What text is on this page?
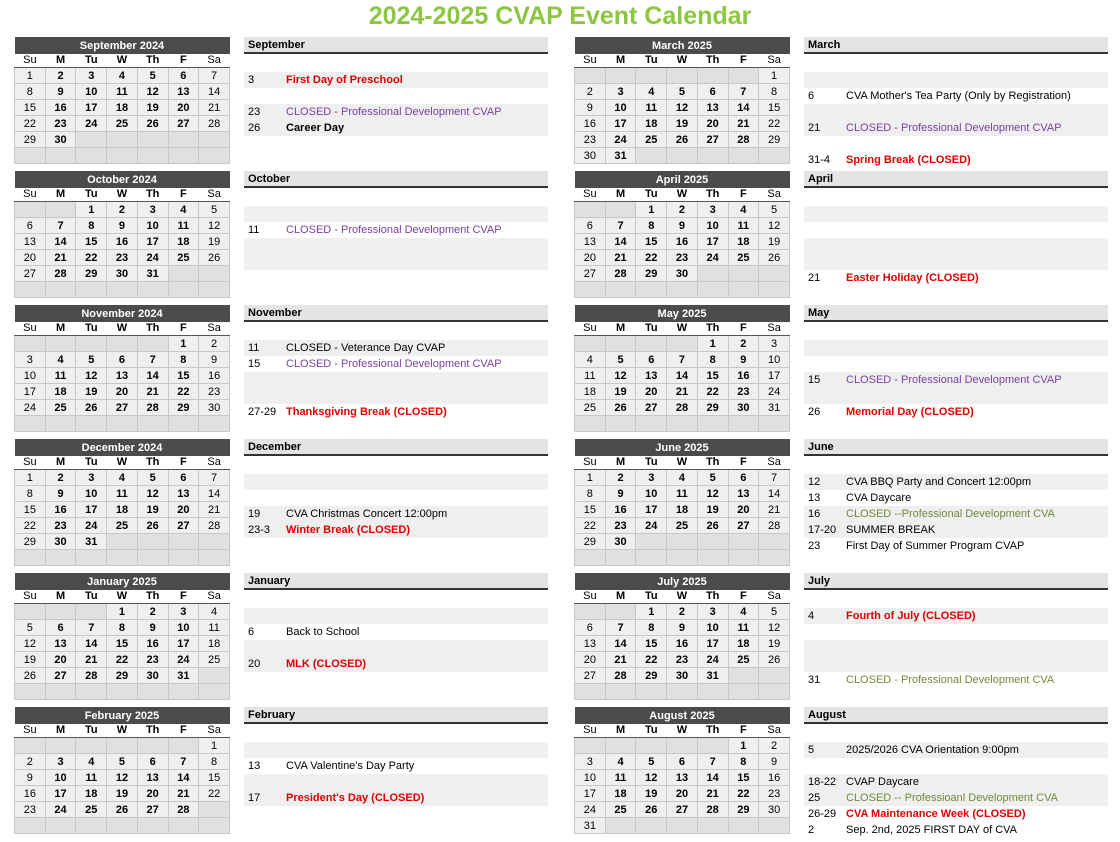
2024-2025 CVAP Event Calendar
September 2024						
Su	M	Tu	W	Th	F	Sa
1	2	3	4	5	6	7
8	9	10	11	12	13	14
15	16	17	18	19	20	21
22	23	24	25	26	27	28
29	30					

October 2024						
Su	M	Tu	W	Th	F	Sa
		1	2	3	4	5
6	7	8	9	10	11	12
13	14	15	16	17	18	19
20	21	22	23	24	25	26
27	28	29	30	31		

November 2024						
Su	M	Tu	W	Th	F	Sa
					1	2
3	4	5	6	7	8	9
10	11	12	13	14	15	16
17	18	19	20	21	22	23
24	25	26	27	28	29	30

December 2024						
Su	M	Tu	W	Th	F	Sa
1	2	3	4	5	6	7
8	9	10	11	12	13	14
15	16	17	18	19	20	21
22	23	24	25	26	27	28
29	30	31				

January 2025						
Su	M	Tu	W	Th	F	Sa
			1	2	3	4
5	6	7	8	9	10	11
12	13	14	15	16	17	18
19	20	21	22	23	24	25
26	27	28	29	30	31	

February 2025						
Su	M	Tu	W	Th	F	Sa
						1
2	3	4	5	6	7	8
9	10	11	12	13	14	15
16	17	18	19	20	21	22
23	24	25	26	27	28	

March 2025						
Su	M	Tu	W	Th	F	Sa
						1
2	3	4	5	6	7	8
9	10	11	12	13	14	15
16	17	18	19	20	21	22
23	24	25	26	27	28	29
30	31					
April 2025						
Su	M	Tu	W	Th	F	Sa
		1	2	3	4	5
6	7	8	9	10	11	12
13	14	15	16	17	18	19
20	21	22	23	24	25	26
27	28	29	30			

May 2025						
Su	M	Tu	W	Th	F	Sa
				1	2	3
4	5	6	7	8	9	10
11	12	13	14	15	16	17
18	19	20	21	22	23	24
25	26	27	28	29	30	31

June 2025						
Su	M	Tu	W	Th	F	Sa
1	2	3	4	5	6	7
8	9	10	11	12	13	14
15	16	17	18	19	20	21
22	23	24	25	26	27	28
29	30					

July 2025						
Su	M	Tu	W	Th	F	Sa
		1	2	3	4	5
6	7	8	9	10	11	12
13	14	15	16	17	18	19
20	21	22	23	24	25	26
27	28	29	30	31		

August 2025						
Su	M	Tu	W	Th	F	Sa
					1	2
3	4	5	6	7	8	9
10	11	12	13	14	15	16
17	18	19	20	21	22	23
24	25	26	27	28	29	30
31						
September
3	First Day of Preschool
23 CLOSED - Professional Development CVAP
26 Career Day
October
11 CLOSED - Professional Development CVAP
November
11 CLOSED - Veterance Day CVAP
15 CLOSED - Professional Development CVAP
27-29 Thanksgiving Break (CLOSED)
December
19 CVA Christmas Concert 12:00pm
23-3 Winter Break (CLOSED)
January
6	Back to School
20 MLK (CLOSED)
February
13 CVA Valentine's Day Party
17 President's Day (CLOSED)
March
6	CVA Mother's Tea Party (Only by Registration)
21 CLOSED - Professional Development CVAP
31-4 Spring Break (CLOSED)
April
21 Easter Holiday (CLOSED)
May
15 CLOSED - Professional Development CVAP
26 Memorial Day (CLOSED)
June
12 CVA BBQ Party and Concert 12:00pm
13 CVA Daycare
16 CLOSED --Professional Development CVA
17-20 SUMMER BREAK
23 First Day of Summer Program CVAP
July
4	Fourth of July (CLOSED)
31 CLOSED - Professional Development CVA
August
5	2025/2026 CVA Orientation 9:00pm
18-22 CVAP Daycare
25 CLOSED -- Professioanl Development CVA
26-29 CVA Maintenance Week (CLOSED)
2	Sep. 2nd, 2025 FIRST DAY of CVA
